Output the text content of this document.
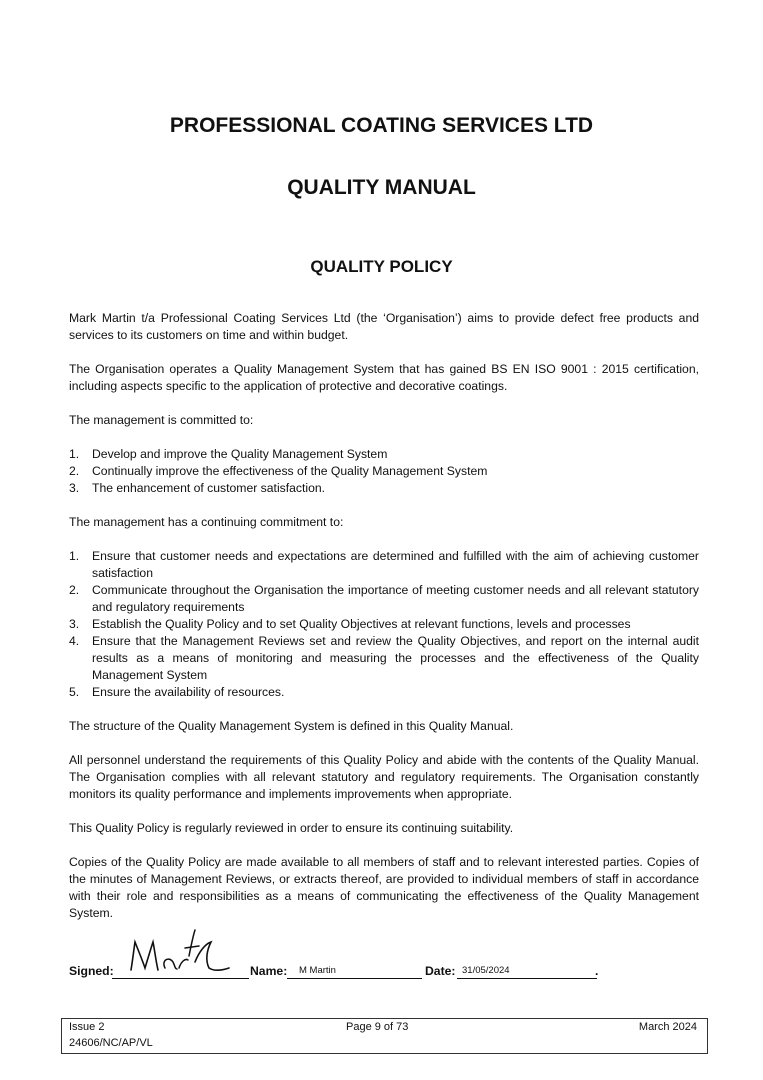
PROFESSIONAL COATING SERVICES LTD
QUALITY MANUAL
QUALITY POLICY

Mark Martin t/a Professional Coating Services Ltd (the ‘Organisation’) aims to provide defect free products and services to its customers on time and within budget.

The Organisation operates a Quality Management System that has gained BS EN ISO 9001 : 2015 certification, including aspects specific to the application of protective and decorative coatings.

The management is committed to:

1. Develop and improve the Quality Management System
2. Continually improve the effectiveness of the Quality Management System
3. The enhancement of customer satisfaction.

The management has a continuing commitment to:

1. Ensure that customer needs and expectations are determined and fulfilled with the aim of achieving customer satisfaction
2. Communicate throughout the Organisation the importance of meeting customer needs and all relevant statutory and regulatory requirements
3. Establish the Quality Policy and to set Quality Objectives at relevant functions, levels and processes
4. Ensure that the Management Reviews set and review the Quality Objectives, and report on the internal audit results as a means of monitoring and measuring the processes and the effectiveness of the Quality Management System
5. Ensure the availability of resources.

The structure of the Quality Management System is defined in this Quality Manual.

All personnel understand the requirements of this Quality Policy and abide with the contents of the Quality Manual. The Organisation complies with all relevant statutory and regulatory requirements. The Organisation constantly monitors its quality performance and implements improvements when appropriate.

This Quality Policy is regularly reviewed in order to ensure its continuing suitability.

Copies of the Quality Policy are made available to all members of staff and to relevant interested parties. Copies of the minutes of Management Reviews, or extracts thereof, are provided to individual members of staff in accordance with their role and responsibilities as a means of communicating the effectiveness of the Quality Management System.

Signed:	Name: M Martin	Date: 31/05/2024	.
Issue 2
24606/NC/AP/VL
Page 9 of 73	March 2024
